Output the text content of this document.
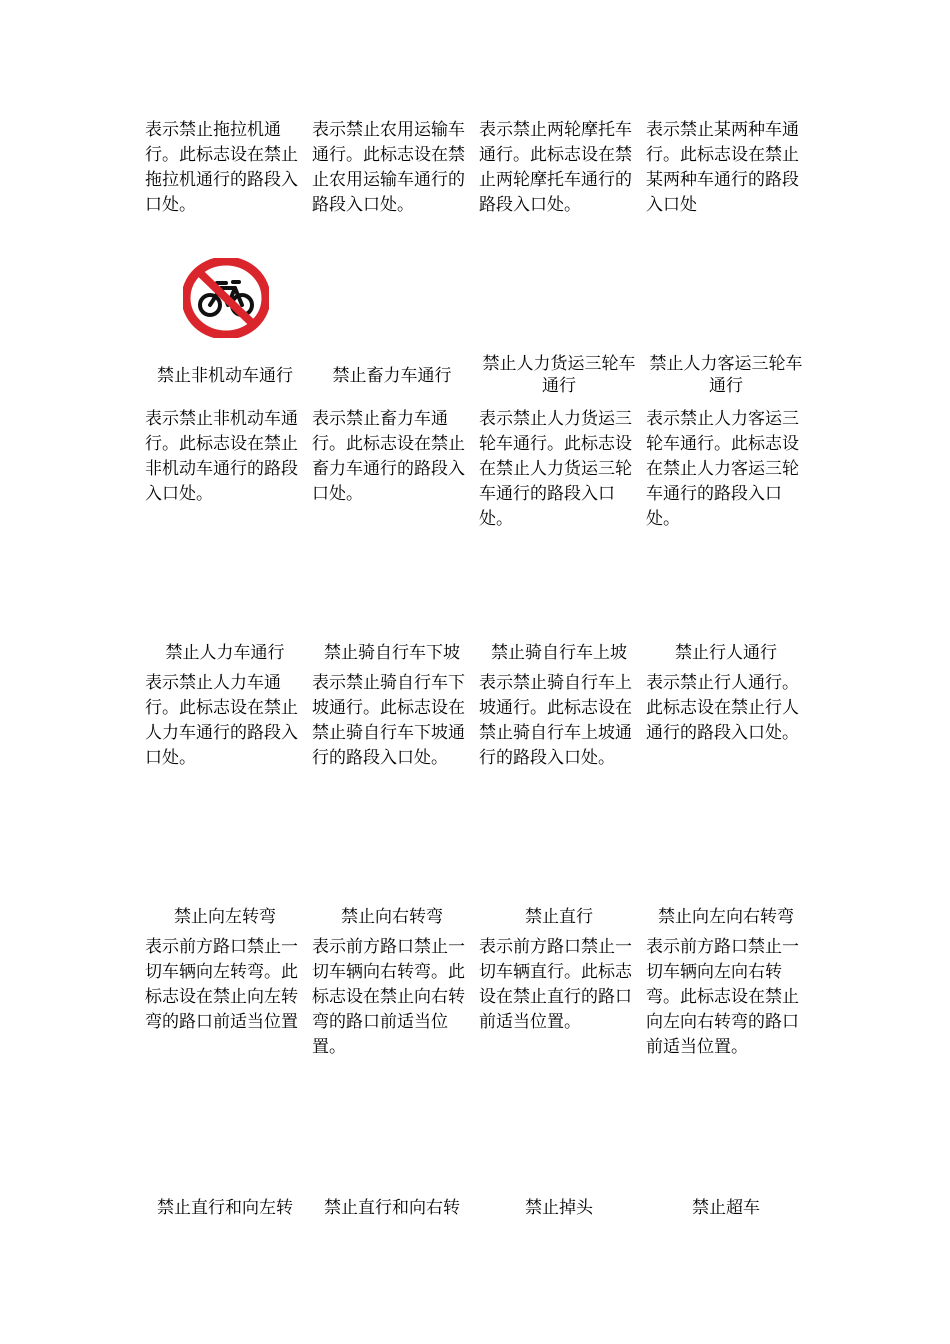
表示禁止拖拉机通行。此标志设在禁止拖拉机通行的路段入口处。
表示禁止农用运输车通行。此标志设在禁止农用运输车通行的路段入口处。
表示禁止两轮摩托车通行。此标志设在禁止两轮摩托车通行的路段入口处。
表示禁止某两种车通行。此标志设在禁止某两种车通行的路段入口处
禁止非机动车通行	禁止畜力车通行
禁止人力货运三轮车通行
禁止人力客运三轮车通行
表示禁止非机动车通行。此标志设在禁止非机动车通行的路段入口处。
表示禁止畜力车通行。此标志设在禁止畜力车通行的路段入口处。
表示禁止人力货运三轮车通行。此标志设在禁止人力货运三轮车通行的路段入口处。
表示禁止人力客运三轮车通行。此标志设在禁止人力客运三轮车通行的路段入口处。
禁止人力车通行	禁止骑自行车下坡	禁止骑自行车上坡	禁止行人通行
表示禁止人力车通行。此标志设在禁止人力车通行的路段入口处。
表示禁止骑自行车下坡通行。此标志设在禁止骑自行车下坡通行的路段入口处。
表示禁止骑自行车上坡通行。此标志设在禁止骑自行车上坡通行的路段入口处。
表示禁止行人通行。此标志设在禁止行人通行的路段入口处。
禁止向左转弯	禁止向右转弯	禁止直行	禁止向左向右转弯
表示前方路口禁止一切车辆向左转弯。此标志设在禁止向左转弯的路口前适当位置
表示前方路口禁止一切车辆向右转弯。此标志设在禁止向右转弯的路口前适当位置。
表示前方路口禁止一切车辆直行。此标志设在禁止直行的路口前适当位置。
表示前方路口禁止一切车辆向左向右转弯。此标志设在禁止向左向右转弯的路口前适当位置。
禁止直行和向左转	禁止直行和向右转	禁止掉头	禁止超车
